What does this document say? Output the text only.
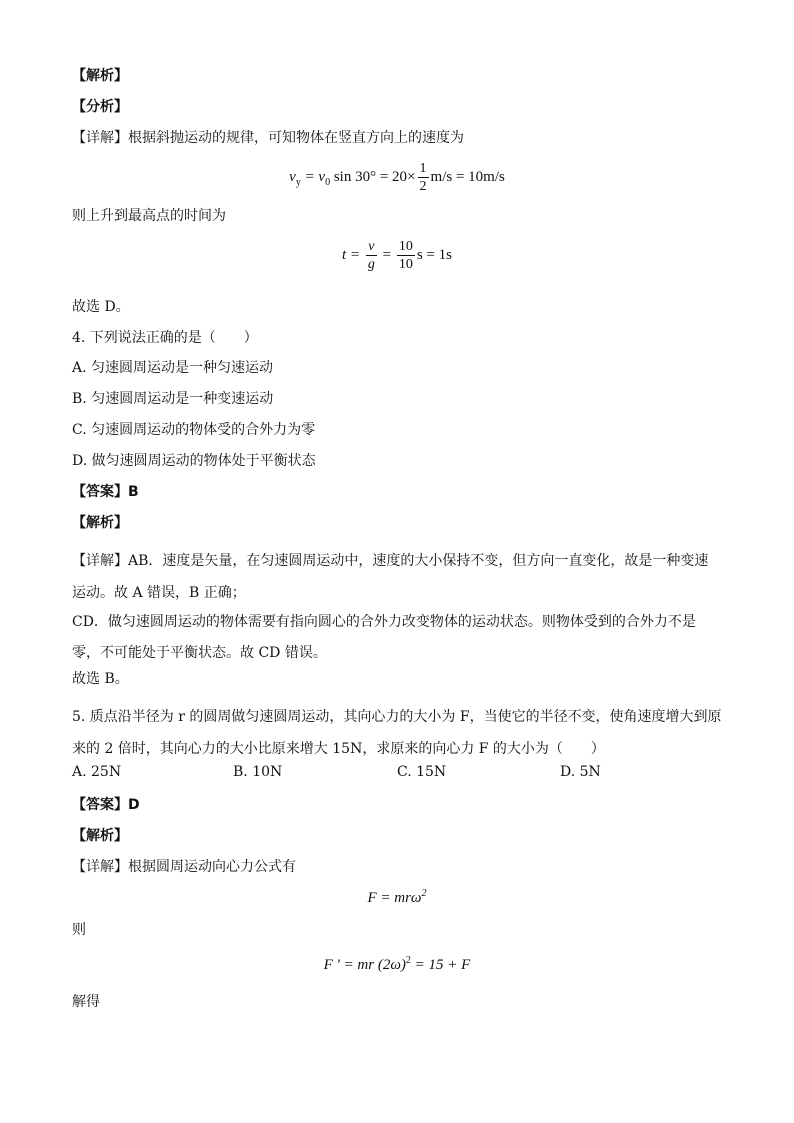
【解析】
【分析】
【详解】根据斜抛运动的规律，可知物体在竖直方向上的速度为
$v_y = v_0$ $\sin 30^\circ = 20\times \frac{1}{2} m/s = 10m/s$
则上升到最高点的时间为
$t = \frac{v}{g} = \frac{10}{10}$ s = 1s
故选 D。
4. 下列说法正确的是（　　）
A. 匀速圆周运动是一种匀速运动
B. 匀速圆周运动是一种变速运动
C. 匀速圆周运动的物体受的合外力为零
D. 做匀速圆周运动的物体处于平衡状态
【答案】B
【解析】
【详解】AB．速度是矢量，在匀速圆周运动中，速度的大小保持不变，但方向一直变化，故是一种变速运动。故 A 错误，B 正确；
CD．做匀速圆周运动的物体需要有指向圆心的合外力改变物体的运动状态。则物体受到的合外力不是零，不可能处于平衡状态。故 CD 错误。
故选 B。
5. 质点沿半径为 r 的圆周做匀速圆周运动，其向心力的大小为 F，当使它的半径不变，使角速度增大到原来的 2 倍时，其向心力的大小比原来增大 15N，求原来的向心力 F 的大小为（　　）
A. 25N	B. 10N	C. 15N	D. 5N
【答案】D
【解析】
【详解】根据圆周运动向心力公式有
F = mrω$^2$
则
F ' = mr $(2\omega)^2 = 15 + F$
解得
